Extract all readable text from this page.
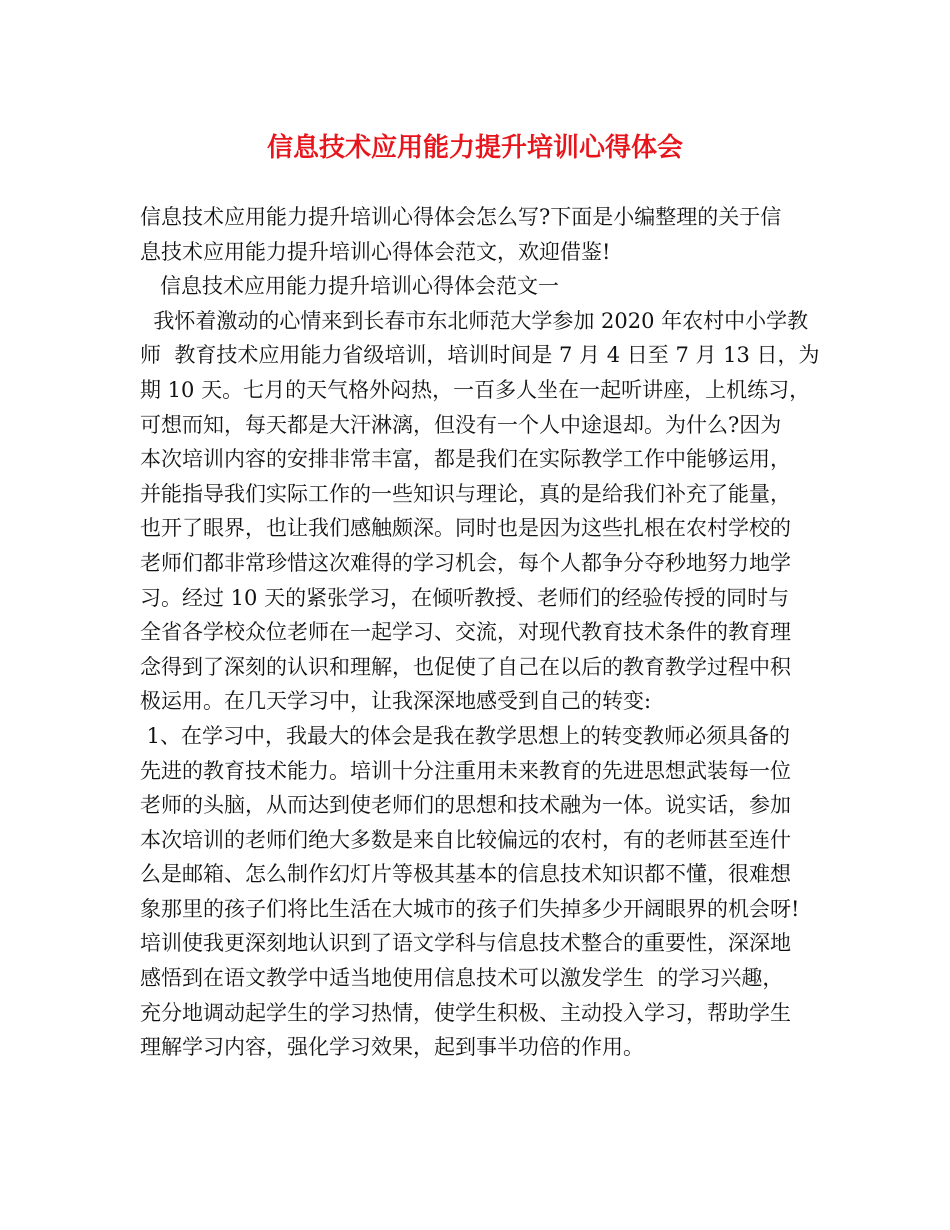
信息技术应用能力提升培训心得体会
信息技术应用能力提升培训心得体会怎么写?下面是小编整理的关于信
息技术应用能力提升培训心得体会范文，欢迎借鉴!
信息技术应用能力提升培训心得体会范文一
我怀着激动的心情来到长春市东北师范大学参加 2020 年农村中小学教
师  教育技术应用能力省级培训，培训时间是 7 月 4 日至 7 月 13 日，为
期 10 天。七月的天气格外闷热，一百多人坐在一起听讲座，上机练习，
可想而知，每天都是大汗淋漓，但没有一个人中途退却。为什么?因为
本次培训内容的安排非常丰富，都是我们在实际教学工作中能够运用，
并能指导我们实际工作的一些知识与理论，真的是给我们补充了能量，
也开了眼界，也让我们感触颇深。同时也是因为这些扎根在农村学校的
老师们都非常珍惜这次难得的学习机会，每个人都争分夺秒地努力地学
习。经过 10 天的紧张学习，在倾听教授、老师们的经验传授的同时与
全省各学校众位老师在一起学习、交流，对现代教育技术条件的教育理
念得到了深刻的认识和理解，也促使了自己在以后的教育教学过程中积
极运用。在几天学习中，让我深深地感受到自己的转变:
1、在学习中，我最大的体会是我在教学思想上的转变教师必须具备的
先进的教育技术能力。培训十分注重用未来教育的先进思想武装每一位
老师的头脑，从而达到使老师们的思想和技术融为一体。说实话，参加
本次培训的老师们绝大多数是来自比较偏远的农村，有的老师甚至连什
么是邮箱、怎么制作幻灯片等极其基本的信息技术知识都不懂，很难想
象那里的孩子们将比生活在大城市的孩子们失掉多少开阔眼界的机会呀!
培训使我更深刻地认识到了语文学科与信息技术整合的重要性，深深地
感悟到在语文教学中适当地使用信息技术可以激发学生  的学习兴趣，
充分地调动起学生的学习热情，使学生积极、主动投入学习，帮助学生
理解学习内容，强化学习效果，起到事半功倍的作用。
